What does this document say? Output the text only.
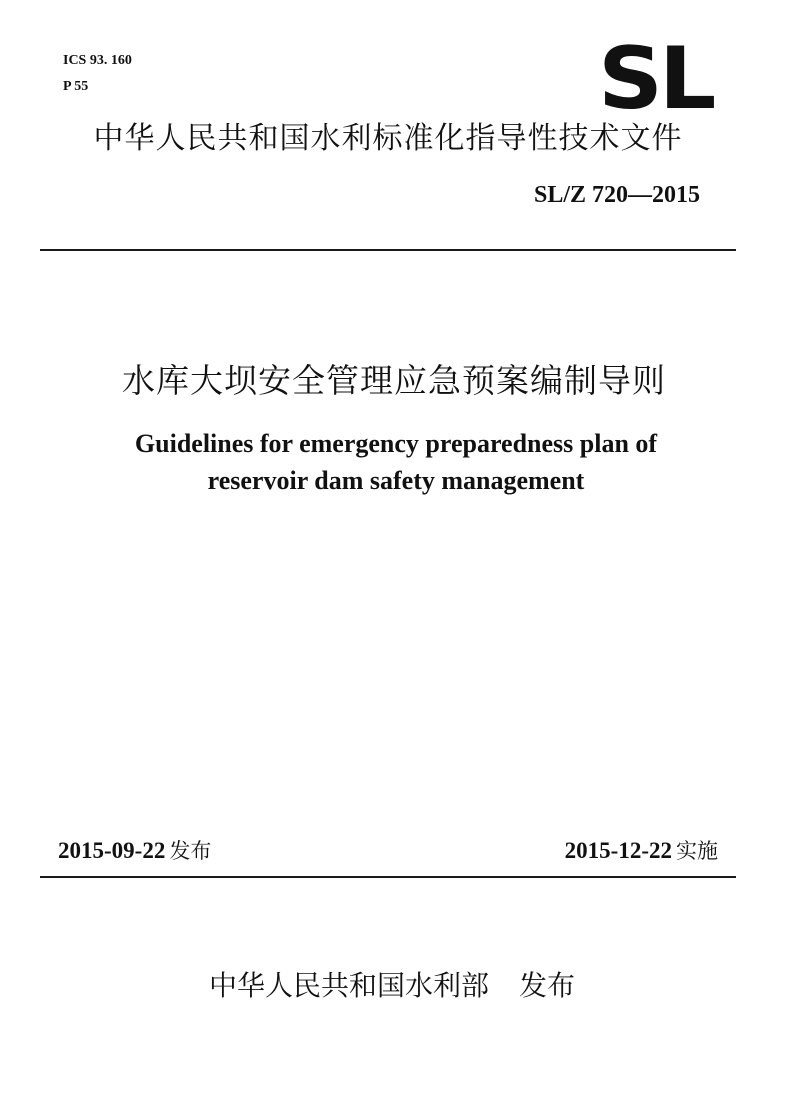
ICS 93. 160
P 55	SL
中华人民共和国水利标准化指导性技术文件
SL/Z 720—2015
水库大坝安全管理应急预案编制导则
Guidelines for emergency preparedness plan of
reservoir dam safety management
2015-09-22 发布	2015-12-22 实施
中华人民共和国水利部 发布
